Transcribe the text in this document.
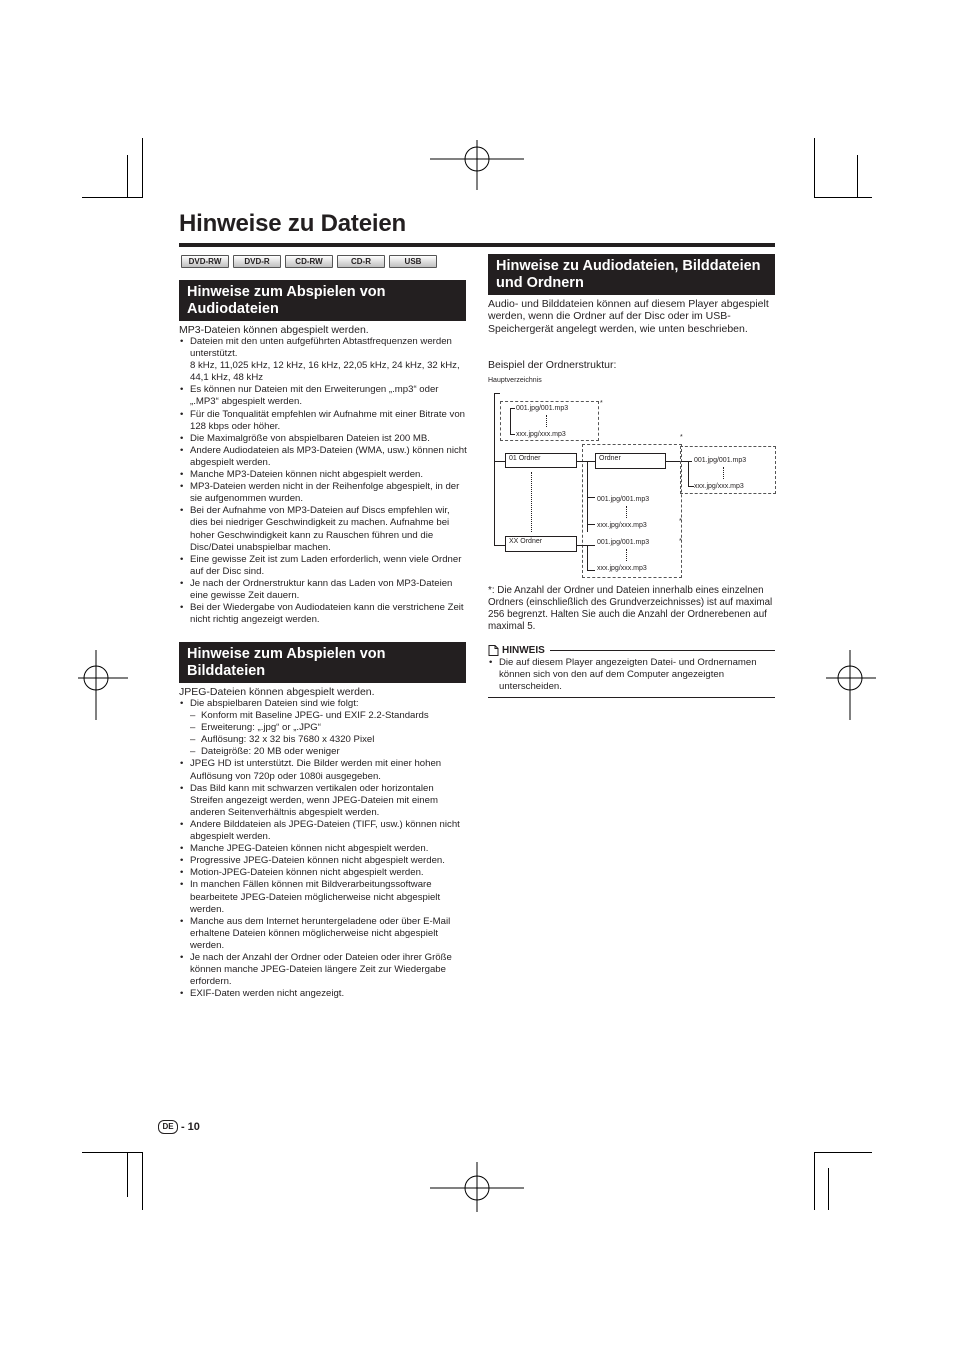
Hinweise zu Dateien
DVD-RW	DVD-R	CD-RW	CD-R	USB
Hinweise zum Abspielen von Audiodateien
MP3-Dateien können abgespielt werden.
• Dateien mit den unten aufgeführten Abtastfrequenzen werden unterstützt.
8 kHz, 11,025 kHz, 12 kHz, 16 kHz, 22,05 kHz, 24 kHz, 32 kHz, 44,1 kHz, 48 kHz
• Es können nur Dateien mit den Erweiterungen „.mp3“ oder „.MP3“ abgespielt werden.
• Für die Tonqualität empfehlen wir Aufnahme mit einer Bitrate von 128 kbps oder höher.
• Die Maximalgröße von abspielbaren Dateien ist 200 MB.
• Andere Audiodateien als MP3-Dateien (WMA, usw.) können nicht abgespielt werden.
• Manche MP3-Dateien können nicht abgespielt werden.
• MP3-Dateien werden nicht in der Reihenfolge abgespielt, in der sie aufgenommen wurden.
• Bei der Aufnahme von MP3-Dateien auf Discs empfehlen wir, dies bei niedriger Geschwindigkeit zu machen. Aufnahme bei hoher Geschwindigkeit kann zu Rauschen führen und die Disc/Datei unabspielbar machen.
• Eine gewisse Zeit ist zum Laden erforderlich, wenn viele Ordner auf der Disc sind.
• Je nach der Ordnerstruktur kann das Laden von MP3-Dateien eine gewisse Zeit dauern.
• Bei der Wiedergabe von Audiodateien kann die verstrichene Zeit nicht richtig angezeigt werden.
Hinweise zum Abspielen von Bilddateien
JPEG-Dateien können abgespielt werden.
• Die abspielbaren Dateien sind wie folgt:
– Konform mit Baseline JPEG- und EXIF 2.2-Standards
– Erweiterung: „.jpg“ or „.JPG“
– Auflösung: 32 x 32 bis 7680 x 4320 Pixel
– Dateigröße: 20 MB oder weniger
• JPEG HD ist unterstützt. Die Bilder werden mit einer hohen Auflösung von 720p oder 1080i ausgegeben.
• Das Bild kann mit schwarzen vertikalen oder horizontalen Streifen angezeigt werden, wenn JPEG-Dateien mit einem anderen Seitenverhältnis abgespielt werden.
• Andere Bilddateien als JPEG-Dateien (TIFF, usw.) können nicht abgespielt werden.
• Manche JPEG-Dateien können nicht abgespielt werden.
• Progressive JPEG-Dateien können nicht abgespielt werden.
• Motion-JPEG-Dateien können nicht abgespielt werden.
• In manchen Fällen können mit Bildverarbeitungssoftware bearbeitete JPEG-Dateien möglicherweise nicht abgespielt werden.
• Manche aus dem Internet heruntergeladene oder über E-Mail erhaltene Dateien können möglicherweise nicht abgespielt werden.
• Je nach der Anzahl der Ordner oder Dateien oder ihrer Größe können manche JPEG-Dateien längere Zeit zur Wiedergabe erfordern.
• EXIF-Daten werden nicht angezeigt.
Hinweise zu Audiodateien, Bilddateien und Ordnern
Audio- und Bilddateien können auf diesem Player abgespielt werden, wenn die Ordner auf der Disc oder im USB-Speichergerät angelegt werden, wie unten beschrieben.
Beispiel der Ordnerstruktur:
Hauptverzeichnis
001.jpg/001.mp3
xxx.jpg/xxx.mp3
*
01 Ordner	Ordner	001.jpg/001.mp3
xxx.jpg/xxx.mp3
*
001.jpg/001.mp3
xxx.jpg/xxx.mp3
*
XX Ordner	001.jpg/001.mp3
xxx.jpg/xxx.mp3
*
*: Die Anzahl der Ordner und Dateien innerhalb eines einzelnen Ordners (einschließlich des Grundverzeichnisses) ist auf maximal 256 begrenzt. Halten Sie auch die Anzahl der Ordnerebenen auf maximal 5.
HINWEIS
• Die auf diesem Player angezeigten Datei- und Ordnernamen können sich von den auf dem Computer angezeigten unterscheiden.
DE - 10
